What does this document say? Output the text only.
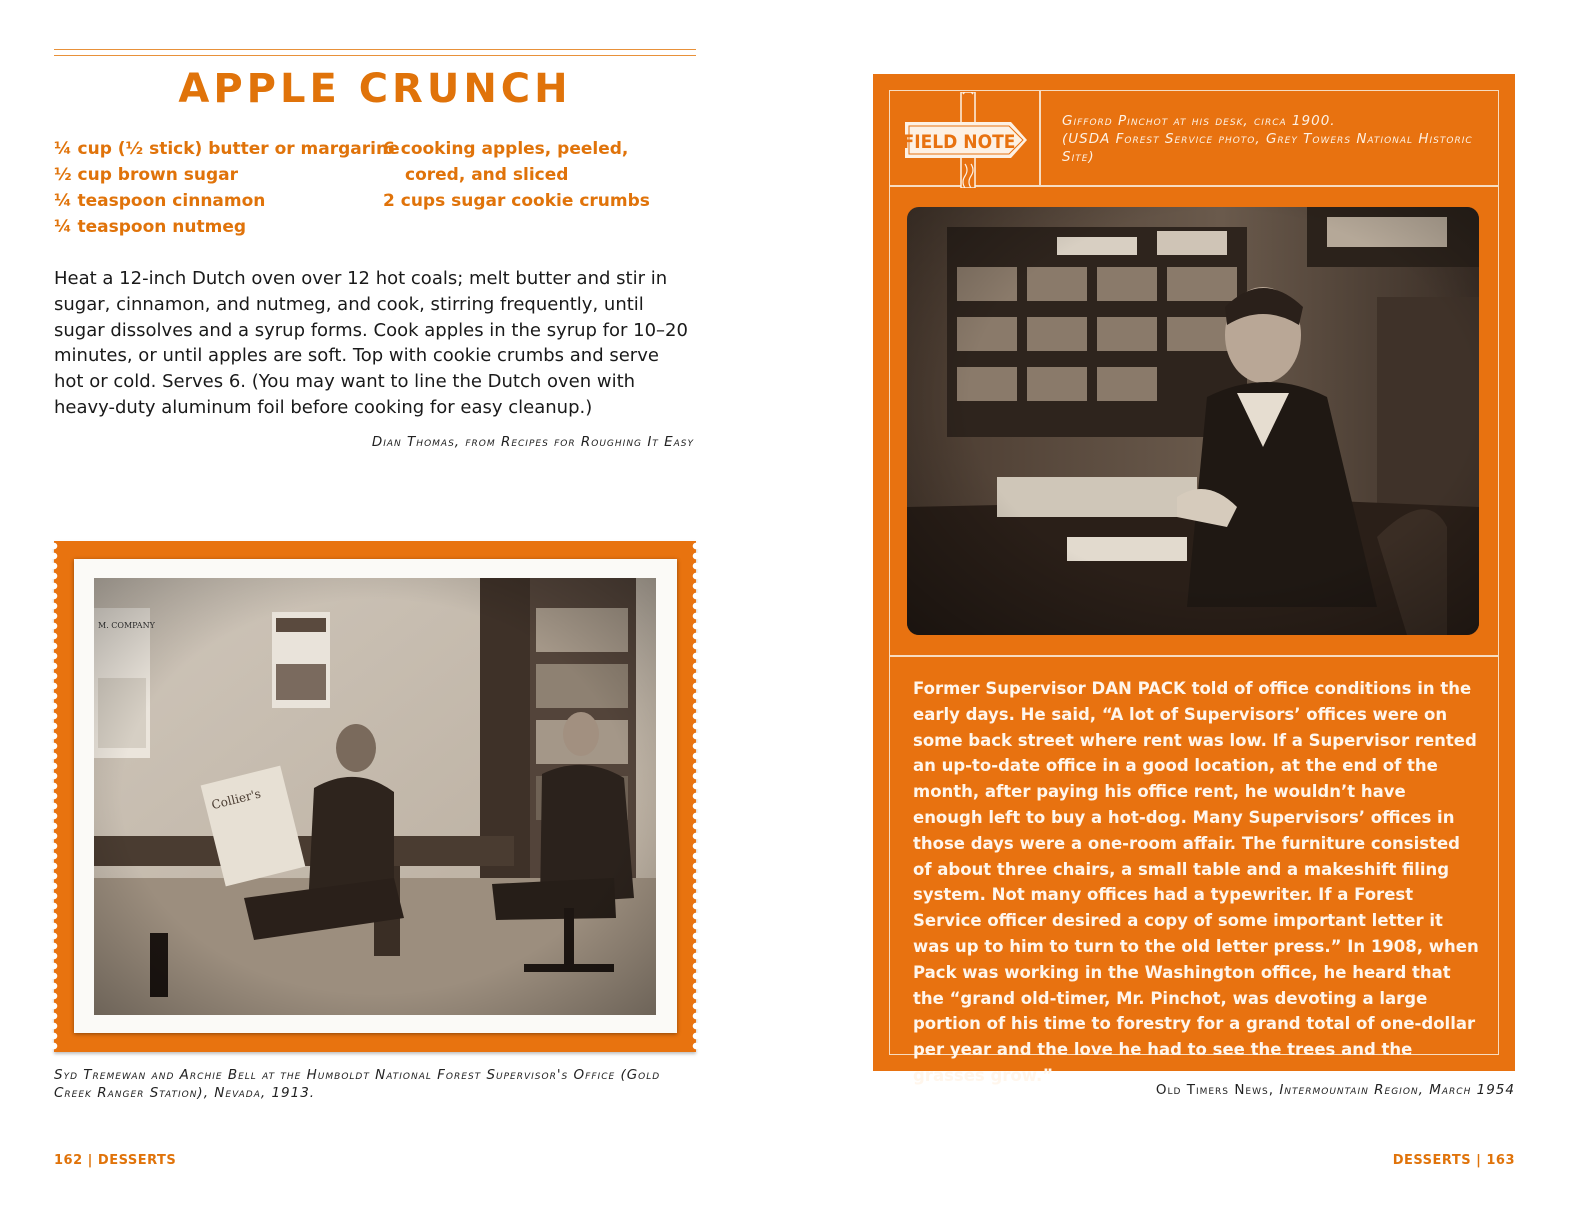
APPLE CRUNCH
¼ cup (½ stick) butter or margarine
½ cup brown sugar
¼ teaspoon cinnamon
¼ teaspoon nutmeg
6 cooking apples, peeled,
cored, and sliced
2 cups sugar cookie crumbs
Heat a 12-inch Dutch oven over 12 hot coals; melt butter and stir in sugar, cinnamon, and nutmeg, and cook, stirring frequently, until sugar dissolves and a syrup forms. Cook apples in the syrup for 10–20 minutes, or until apples are soft. Top with cookie crumbs and serve hot or cold. Serves 6. (You may want to line the Dutch oven with heavy-duty aluminum foil before cooking for easy cleanup.)
Dian Thomas, from Recipes for Roughing It Easy
Syd Tremewan and Archie Bell at the Humboldt National Forest Supervisor's Office (Gold Creek Ranger Station), Nevada, 1913.
162 | DESSERTS
FIELD NOTE
Gifford Pinchot at his desk, circa 1900.
(USDA Forest Service photo, Grey Towers National Historic Site)
Former Supervisor DAN PACK told of office conditions in the early days. He said, “A lot of Supervisors’ offices were on some back street where rent was low. If a Supervisor rented an up-to-date office in a good location, at the end of the month, after paying his office rent, he wouldn’t have enough left to buy a hot-dog. Many Supervisors’ offices in those days were a one-room affair. The furniture consisted of about three chairs, a small table and a makeshift filing system. Not many offices had a typewriter. If a Forest Service officer desired a copy of some important letter it was up to him to turn to the old letter press.” In 1908, when Pack was working in the Washington office, he heard that the “grand old-timer, Mr. Pinchot, was devoting a large portion of his time to forestry for a grand total of one-dollar per year and the love he had to see the trees and the grasses grow.”
Old Timers News, Intermountain Region, March 1954
DESSERTS | 163
